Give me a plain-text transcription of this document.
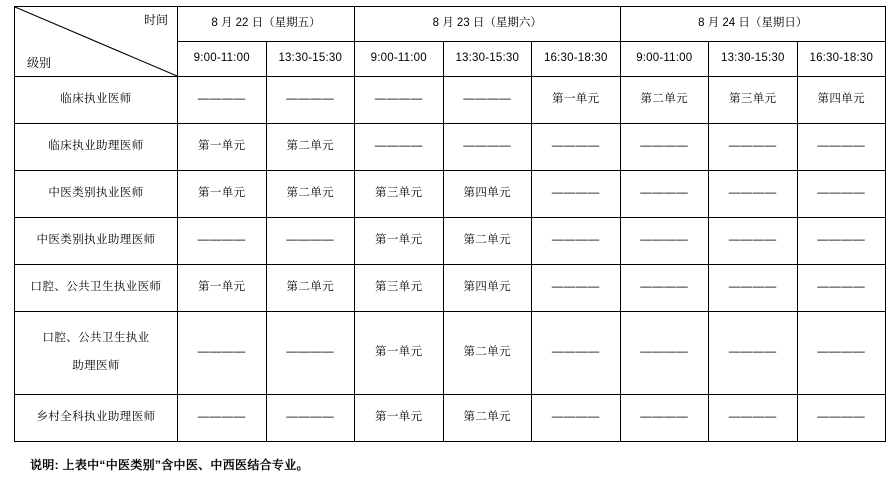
时间
级别	8 月 22 日（星期五）		8 月 23 日（星期六）			8 月 24 日（星期日）		
	9:00-11:00	13:30-15:30	9:00-11:00	13:30-15:30	16:30-18:30	9:00-11:00	13:30-15:30	16:30-18:30
临床执业医师	————	————	————	————	第一单元	第二单元	第三单元	第四单元
临床执业助理医师	第一单元	第二单元	————	————	————	————	————	————
中医类别执业医师	第一单元	第二单元	第三单元	第四单元	————	————	————	————
中医类别执业助理医师	————	————	第一单元	第二单元	————	————	————	————
口腔、公共卫生执业医师	第一单元	第二单元	第三单元	第四单元	————	————	————	————
口腔、公共卫生执业
助理医师	————	————	第一单元	第二单元	————	————	————	————
乡村全科执业助理医师	————	————	第一单元	第二单元	————	————	————	————
说明: 上表中“中医类别”含中医、中西医结合专业。
